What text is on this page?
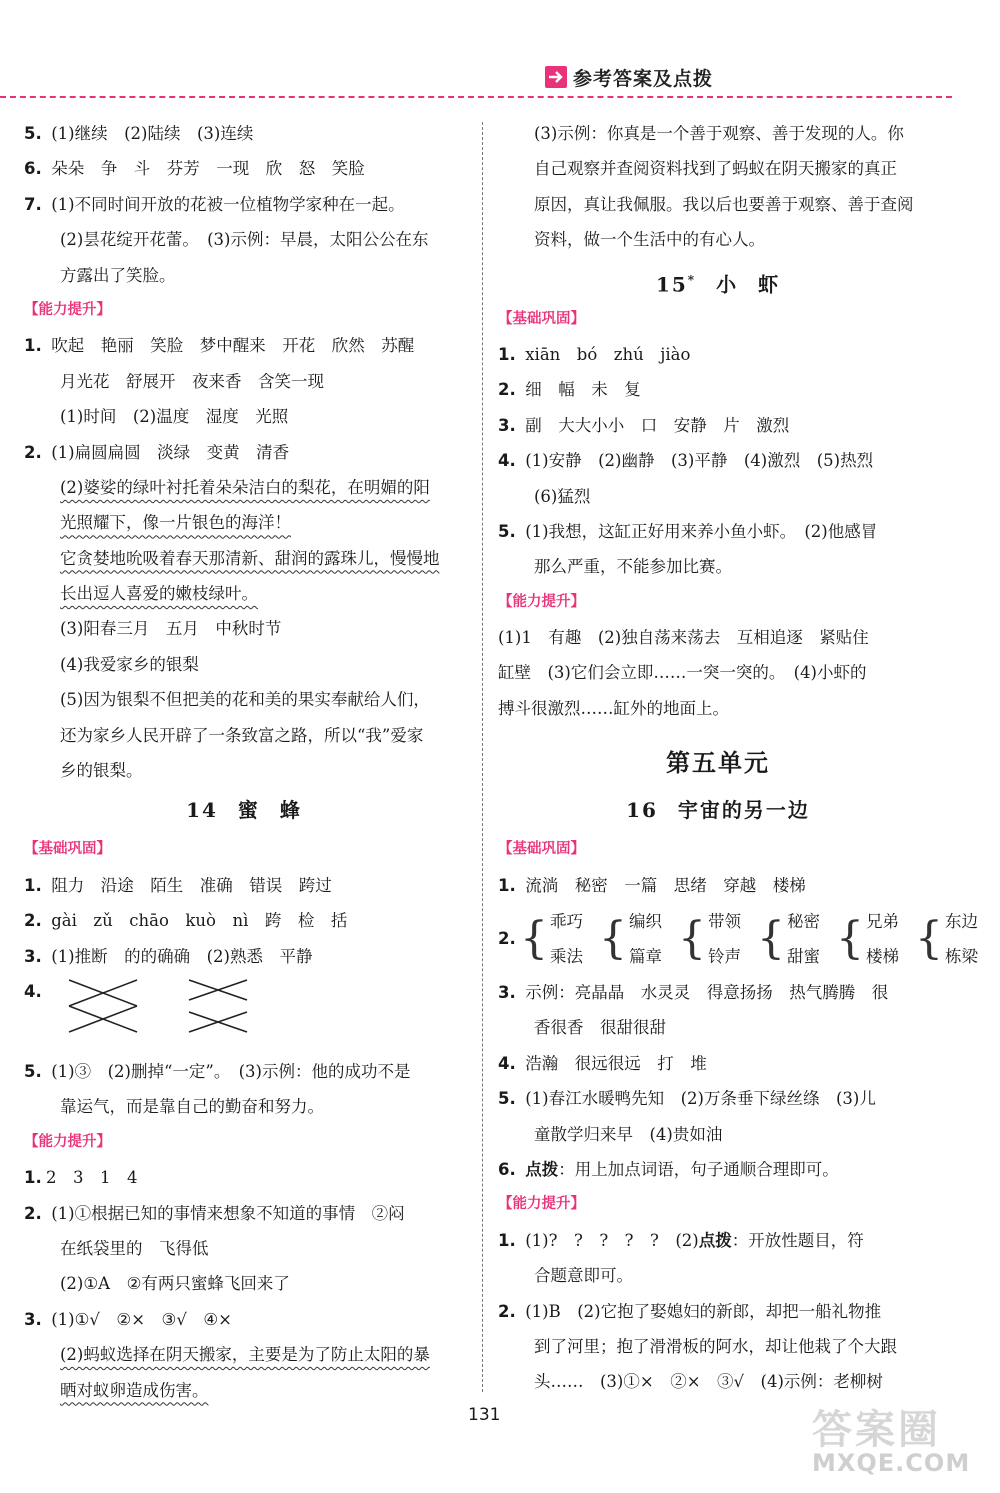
参考答案及点拨
5. (1)继续　(2)陆续　(3)连续
6. 朵朵　争　斗　芬芳　一现　欣　怒　笑脸
7. (1)不同时间开放的花被一位植物学家种在一起。
(2)昙花绽开花蕾。　(3)示例：早晨，太阳公公在东
方露出了笑脸。
【能力提升】
1. 吹起　艳丽　笑脸　梦中醒来　开花　欣然　苏醒
月光花　舒展开　夜来香　含笑一现
(1)时间　(2)温度　湿度　光照
2. (1)扁圆扁圆　淡绿　变黄　清香
(2)婆娑的绿叶衬托着朵朵洁白的梨花，在明媚的阳
光照耀下，像一片银色的海洋！
它贪婪地吮吸着春天那清新、甜润的露珠儿，慢慢地
长出逗人喜爱的嫩枝绿叶。
(3)阳春三月　五月　中秋时节
(4)我爱家乡的银梨
(5)因为银梨不但把美的花和美的果实奉献给人们，
还为家乡人民开辟了一条致富之路，所以“我”爱家
乡的银梨。
14 蜜 蜂
【基础巩固】
1. 阻力　沿途　陌生　准确　错误　跨过
2. gài　zǔ　chāo　kuò　nì　跨　检　括
3. (1)推断　的的确确　(2)熟悉　平静
4.
5. (1)③　(2)删掉“一定”。　(3)示例：他的成功不是
靠运气，而是靠自己的勤奋和努力。
【能力提升】
1. 2　3　1　4
2. (1)①根据已知的事情来想象不知道的事情　②闷
在纸袋里的　飞得低
(2)①A　②有两只蜜蜂飞回来了
3. (1)①√　②×　③√　④×
(2)蚂蚁选择在阴天搬家，主要是为了防止太阳的暴
晒对蚁卵造成伤害。
(3)示例：你真是一个善于观察、善于发现的人。你
自己观察并查阅资料找到了蚂蚁在阴天搬家的真正
原因，真让我佩服。我以后也要善于观察、善于查阅
资料，做一个生活中的有心人。
15* 小 虾
【基础巩固】
1. xiān　bó　zhú　jiào
2. 细　幅　未　复
3. 副　大大小小　口　安静　片　激烈
4. (1)安静　(2)幽静　(3)平静　(4)激烈　(5)热烈
(6)猛烈
5. (1)我想，这缸正好用来养小鱼小虾。　(2)他感冒
那么严重，不能参加比赛。
【能力提升】
(1)1　有趣　(2)独自荡来荡去　互相追逐　紧贴住
缸壁　(3)它们会立即……一突一突的。　(4)小虾的
搏斗很激烈……缸外的地面上。
第五单元
16 宇宙的另一边
【基础巩固】
1. 流淌　秘密　一篇　思绪　穿越　楼梯
2. { 乖巧
乘法 { 编织
篇章 { 带领
铃声 { 秘密
甜蜜 { 兄弟
楼梯 { 东边
栋梁
3. 示例：亮晶晶　水灵灵　得意扬扬　热气腾腾　很
香很香　很甜很甜
4. 浩瀚　很远很远　打　堆
5. (1)春江水暖鸭先知　(2)万条垂下绿丝绦　(3)儿
童散学归来早　(4)贵如油
6. 点拨：用上加点词语，句子通顺合理即可。
【能力提升】
1. (1)?　?　?　?　?　(2)点拨：开放性题目，符
合题意即可。
2. (1)B　(2)它抱了娶媳妇的新郎，却把一船礼物推
到了河里；抱了滑滑板的阿水，却让他栽了个大跟
头……　(3)①×　②×　③√　(4)示例：老柳树
131	答案圈
MXQE.COM
